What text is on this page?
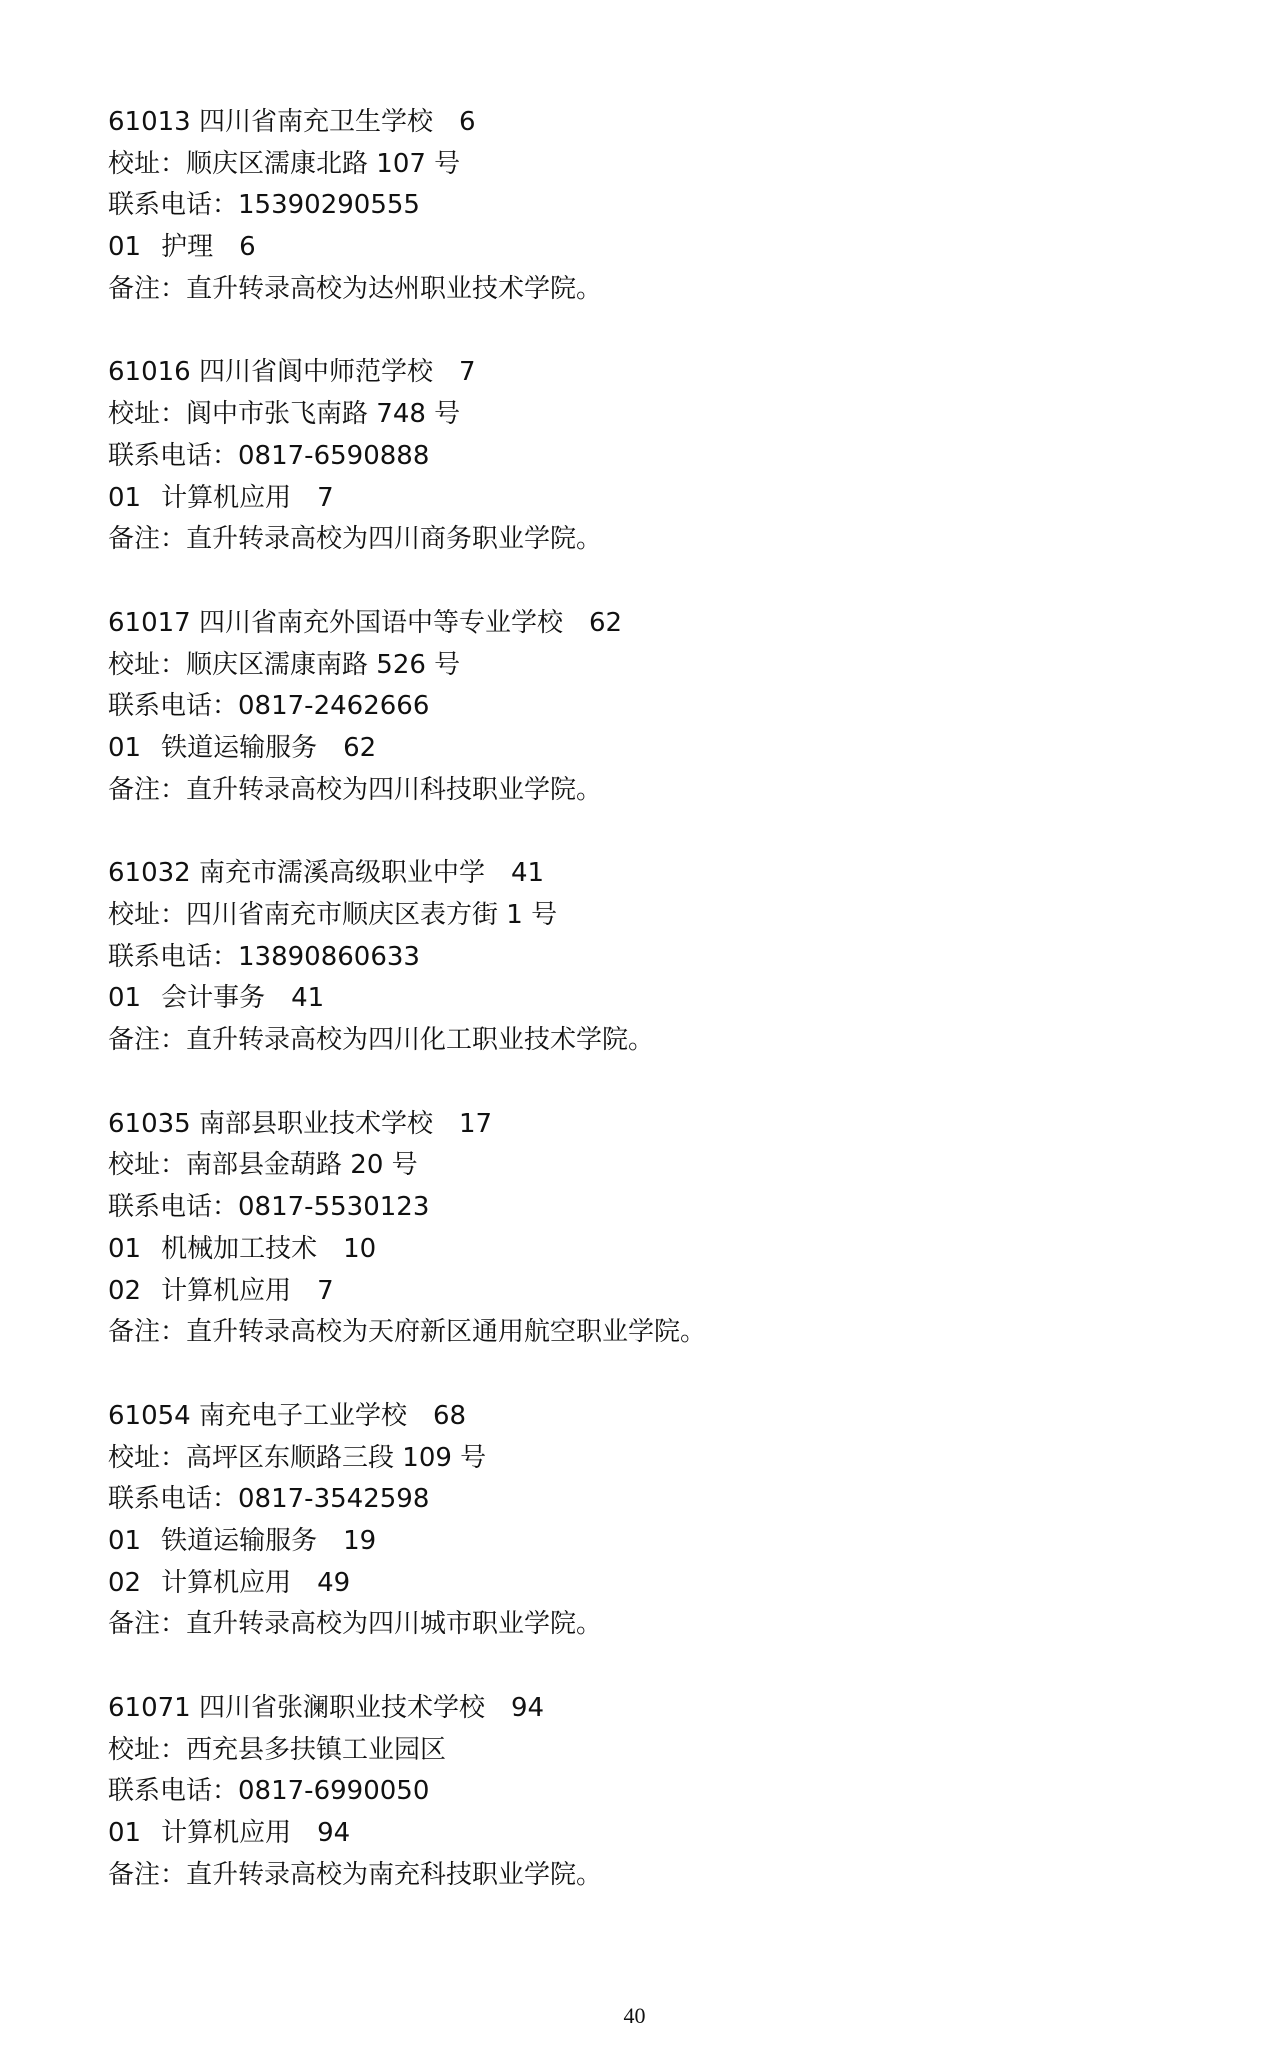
61013 四川省南充卫生学校 6
校址：顺庆区濡康北路 107 号
联系电话：15390290555
01 护理 6
备注：直升转录高校为达州职业技术学院。
61016 四川省阆中师范学校 7
校址：阆中市张飞南路 748 号
联系电话：0817-6590888
01 计算机应用 7
备注：直升转录高校为四川商务职业学院。
61017 四川省南充外国语中等专业学校 62
校址：顺庆区濡康南路 526 号
联系电话：0817-2462666
01 铁道运输服务 62
备注：直升转录高校为四川科技职业学院。
61032 南充市濡溪高级职业中学 41
校址：四川省南充市顺庆区表方街 1 号
联系电话：13890860633
01 会计事务 41
备注：直升转录高校为四川化工职业技术学院。
61035 南部县职业技术学校 17
校址：南部县金葫路 20 号
联系电话：0817-5530123
01 机械加工技术 10
02 计算机应用 7
备注：直升转录高校为天府新区通用航空职业学院。
61054 南充电子工业学校 68
校址：高坪区东顺路三段 109 号
联系电话：0817-3542598
01 铁道运输服务 19
02 计算机应用 49
备注：直升转录高校为四川城市职业学院。
61071 四川省张澜职业技术学校 94
校址：西充县多扶镇工业园区
联系电话：0817-6990050
01 计算机应用 94
备注：直升转录高校为南充科技职业学院。
40
